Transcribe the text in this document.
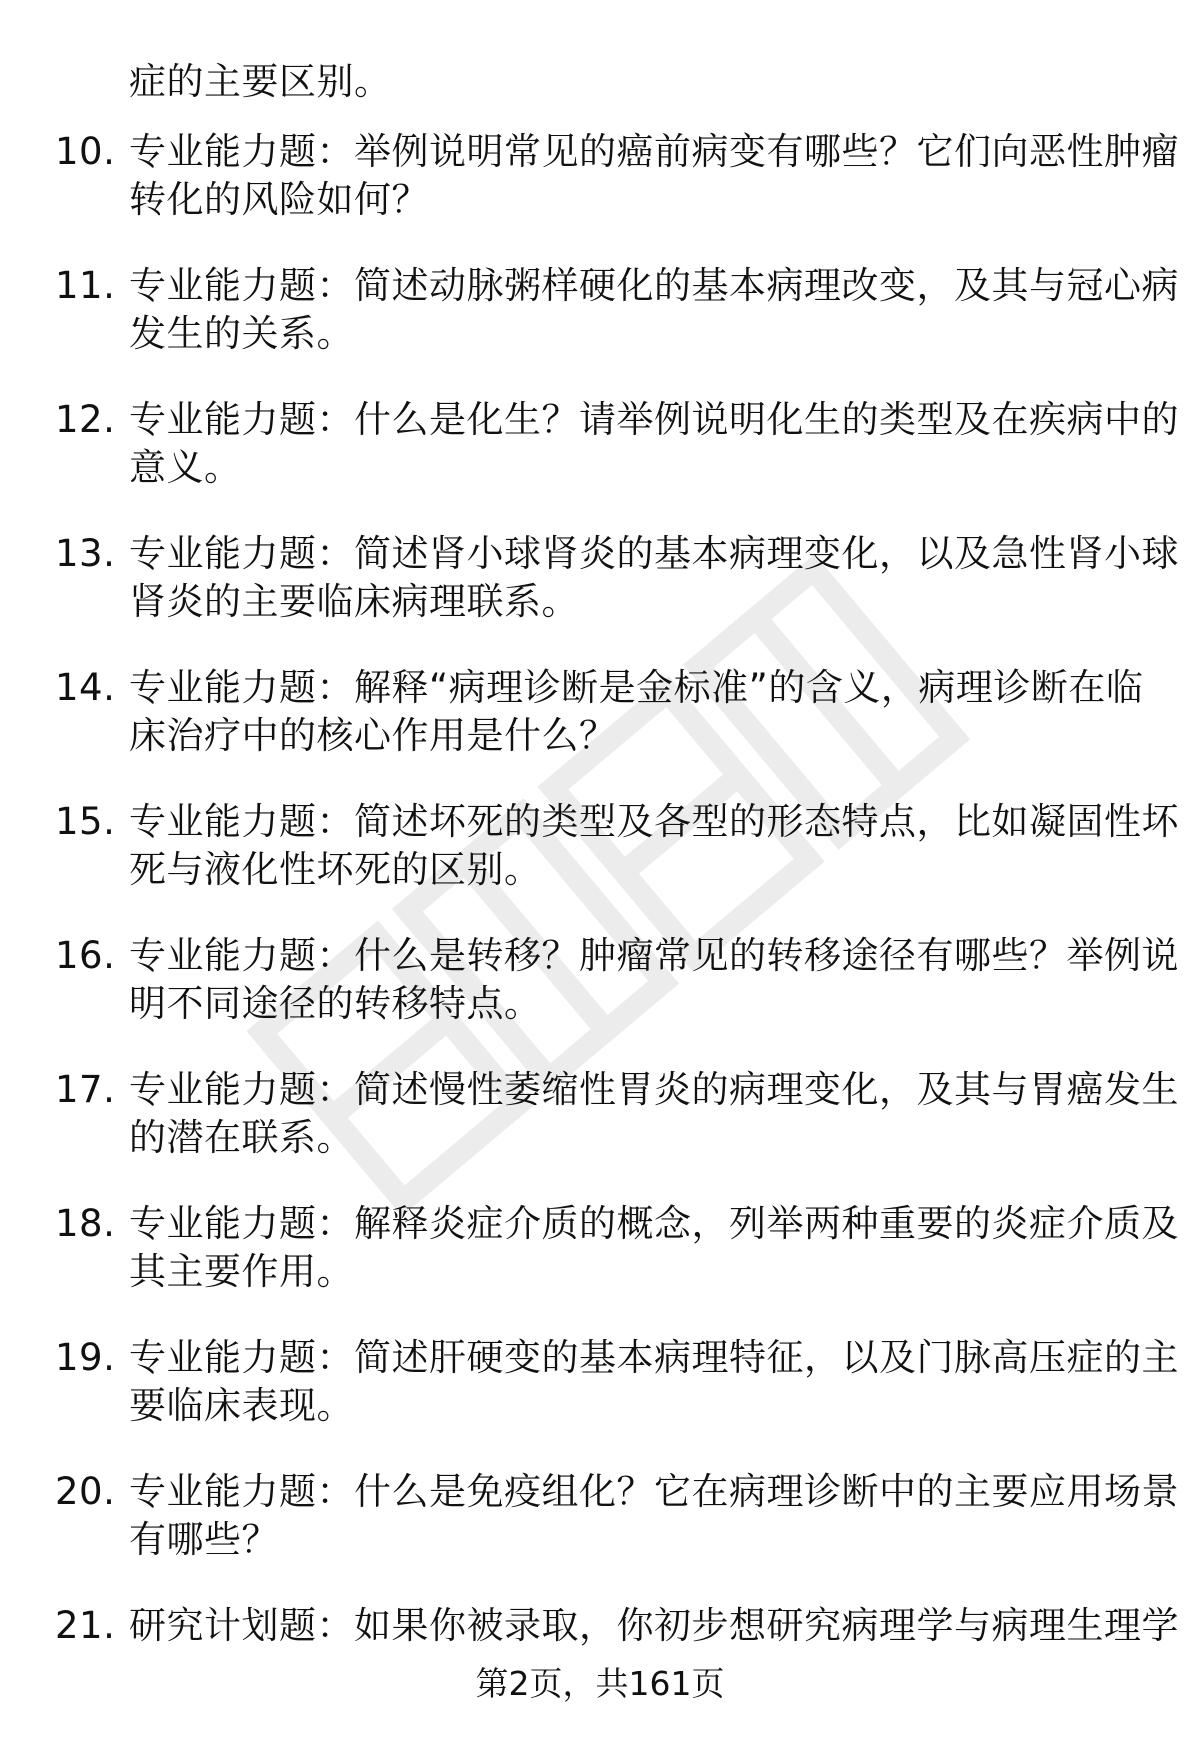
症的主要区别。
10. 专业能力题：举例说明常见的癌前病变有哪些？它们向恶性肿瘤
转化的风险如何？
11. 专业能力题：简述动脉粥样硬化的基本病理改变，及其与冠心病
发生的关系。
12. 专业能力题：什么是化生？请举例说明化生的类型及在疾病中的
意义。
13. 专业能力题：简述肾小球肾炎的基本病理变化，以及急性肾小球
肾炎的主要临床病理联系。
14. 专业能力题：解释“病理诊断是金标准”的含义，病理诊断在临
床治疗中的核心作用是什么？
15. 专业能力题：简述坏死的类型及各型的形态特点，比如凝固性坏
死与液化性坏死的区别。
16. 专业能力题：什么是转移？肿瘤常见的转移途径有哪些？举例说
明不同途径的转移特点。
17. 专业能力题：简述慢性萎缩性胃炎的病理变化，及其与胃癌发生
的潜在联系。
18. 专业能力题：解释炎症介质的概念，列举两种重要的炎症介质及
其主要作用。
19. 专业能力题：简述肝硬变的基本病理特征，以及门脉高压症的主
要临床表现。
20. 专业能力题：什么是免疫组化？它在病理诊断中的主要应用场景
有哪些？
21. 研究计划题：如果你被录取，你初步想研究病理学与病理生理学
第2页，共161页
